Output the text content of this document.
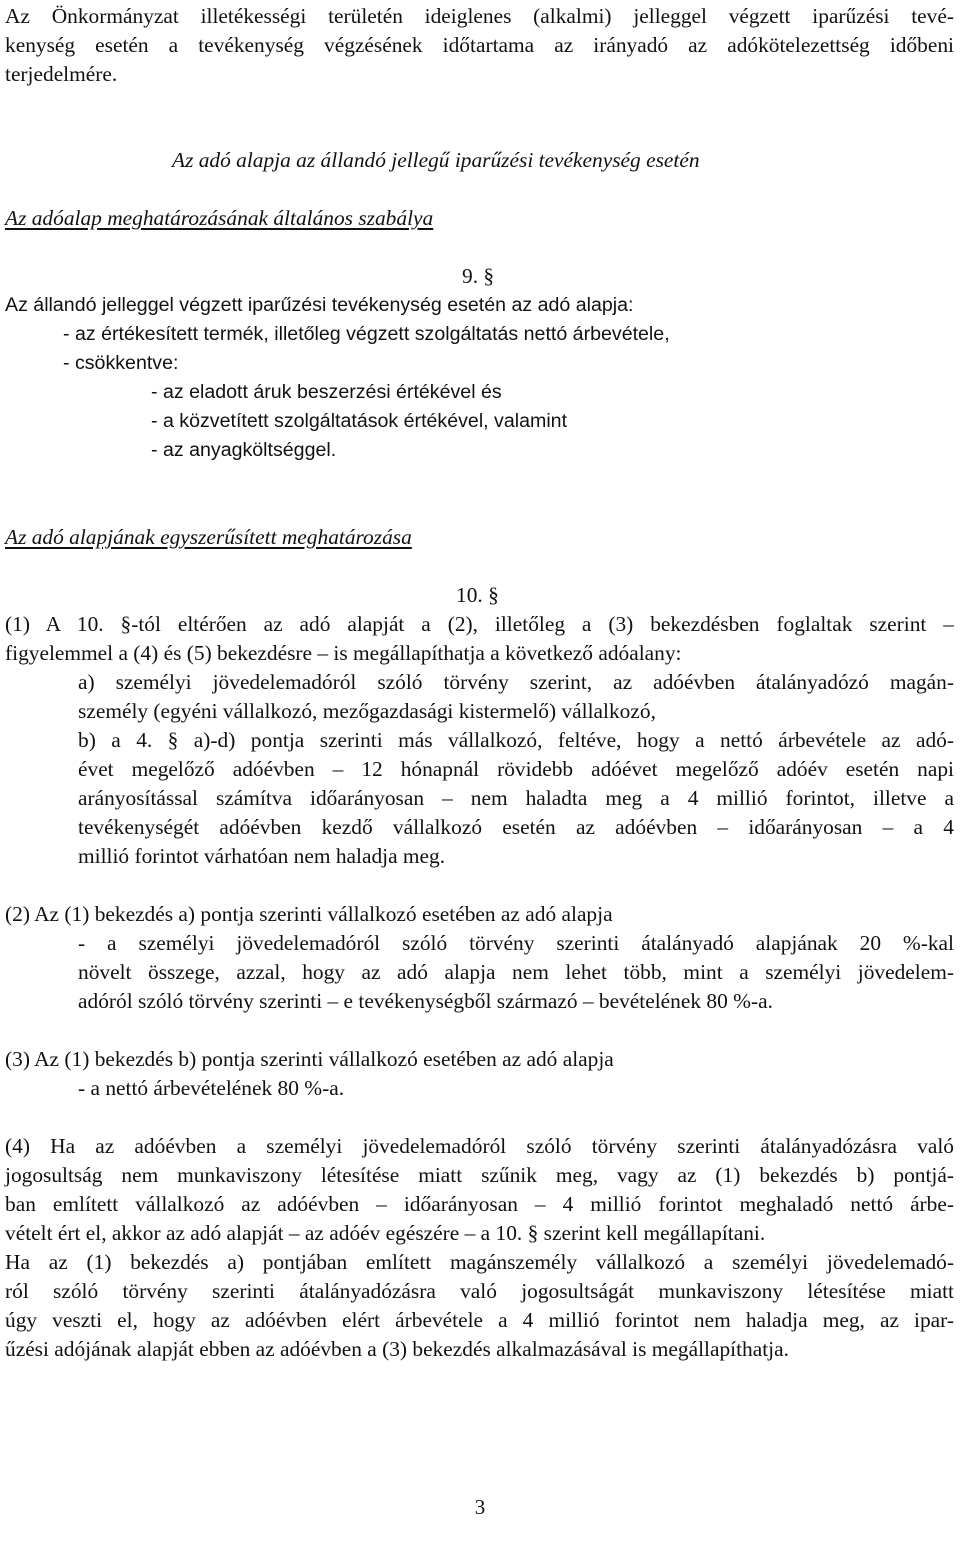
Az Önkormányzat illetékességi területén ideiglenes (alkalmi) jelleggel végzett iparűzési tevé-
kenység esetén a tevékenység végzésének időtartama az irányadó az adókötelezettség időbeni
terjedelmére.
Az adó alapja az állandó jellegű iparűzési tevékenység esetén
Az adóalap meghatározásának általános szabálya
9. §
Az állandó jelleggel végzett iparűzési tevékenység esetén az adó alapja:
- az értékesített termék, illetőleg végzett szolgáltatás nettó árbevétele,
- csökkentve:
- az eladott áruk beszerzési értékével és
- a közvetített szolgáltatások értékével, valamint
- az anyagköltséggel.
Az adó alapjának egyszerűsített meghatározása
10. §
(1) A 10. §-tól eltérően az adó alapját a (2), illetőleg a (3) bekezdésben foglaltak szerint –
figyelemmel a (4) és (5) bekezdésre – is megállapíthatja a következő adóalany:
a) személyi jövedelemadóról szóló törvény szerint, az adóévben átalányadózó magán-
személy (egyéni vállalkozó, mezőgazdasági kistermelő) vállalkozó,
b) a 4. § a)-d) pontja szerinti más vállalkozó, feltéve, hogy a nettó árbevétele az adó-
évet megelőző adóévben – 12 hónapnál rövidebb adóévet megelőző adóév esetén napi
arányosítással számítva időarányosan – nem haladta meg a 4 millió forintot, illetve a
tevékenységét adóévben kezdő vállalkozó esetén az adóévben – időarányosan – a 4
millió forintot várhatóan nem haladja meg.
(2) Az (1) bekezdés a) pontja szerinti vállalkozó esetében az adó alapja
- a személyi jövedelemadóról szóló törvény szerinti átalányadó alapjának 20 %-kal
növelt összege, azzal, hogy az adó alapja nem lehet több, mint a személyi jövedelem-
adóról szóló törvény szerinti – e tevékenységből származó – bevételének 80 %-a.
(3) Az (1) bekezdés b) pontja szerinti vállalkozó esetében az adó alapja
- a nettó árbevételének 80 %-a.
(4) Ha az adóévben a személyi jövedelemadóról szóló törvény szerinti átalányadózásra való
jogosultság nem munkaviszony létesítése miatt szűnik meg, vagy az (1) bekezdés b) pontjá-
ban említett vállalkozó az adóévben – időarányosan – 4 millió forintot meghaladó nettó árbe-
vételt ért el, akkor az adó alapját – az adóév egészére – a 10. § szerint kell megállapítani.
Ha az (1) bekezdés a) pontjában említett magánszemély vállalkozó a személyi jövedelemadó-
ról szóló törvény szerinti átalányadózásra való jogosultságát munkaviszony létesítése miatt
úgy veszti el, hogy az adóévben elért árbevétele a 4 millió forintot nem haladja meg, az ipar-
űzési adójának alapját ebben az adóévben a (3) bekezdés alkalmazásával is megállapíthatja.
3
